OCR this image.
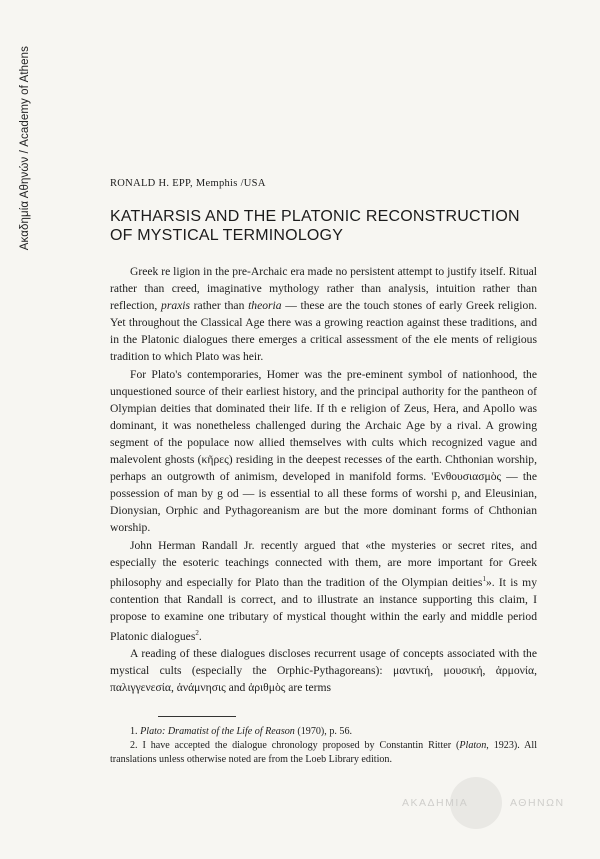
Ακαδημία Αθηνών / Academy of Athens	RONALD H. EPP, Memphis /USA
KATHARSIS AND THE PLATONIC RECONSTRUCTION
OF MYSTICAL TERMINOLOGY

Greek re ligion in the pre-Archaic era made no persistent attempt to justify itself. Ritual rather than creed, imaginative mythology rather than analysis, intuition rather than reflection, praxis rather than theoria — these are the touch stones of early Greek religion. Yet throughout the Classical Age there was a growing reaction against these traditions, and in the Platonic dialogues there emerges a critical assessment of the ele ments of religious tradition to which Plato was heir.

For Plato's contemporaries, Homer was the pre-eminent symbol of nationhood, the unquestioned source of their earliest history, and the principal authority for the pantheon of Olympian deities that dominated their life. If th e religion of Zeus, Hera, and Apollo was dominant, it was nonetheless challenged during the Archaic Age by a rival. A growing segment of the populace now allied themselves with cults which recognized vague and malevolent ghosts (κῆρες) residing in the deepest recesses of the earth. Chthonian worship, perhaps an outgrowth of animism, developed in manifold forms. 'Ενθουσιασμὸς — the possession of man by g od — is essential to all these forms of worshi p, and Eleusinian, Dionysian, Orphic and Pythagoreanism are but the more dominant forms of Chthonian worship.

John Herman Randall Jr. recently argued that «the mysteries or secret rites, and especially the esoteric teachings connected with them, are more important for Greek philosophy and especially for Plato than the tradition of the Olympian deities$^1$». It is my contention that Randall is correct, and to illustrate an instance supporting this claim, I propose to examine one tributary of mystical thought within the early and middle period Platonic dialogues$^2$.

A reading of these dialogues discloses recurrent usage of concepts associated with the mystical cults (especially the Orphic-Pythagoreans): μαντική, μουσική, ἁρμονία, παλιγγενεσία, ἀνάμνησις and ἀριθμὸς are terms

1. Plato: Dramatist of the Life of Reason (1970), p. 56.

2. I have accepted the dialogue chronology proposed by Constantin Ritter (Platon, 1923). All translations unless otherwise noted are from the Loeb Library edition.

ΑΚΑΔΗΜΙΑ	ΑΘΗΝΩΝ
